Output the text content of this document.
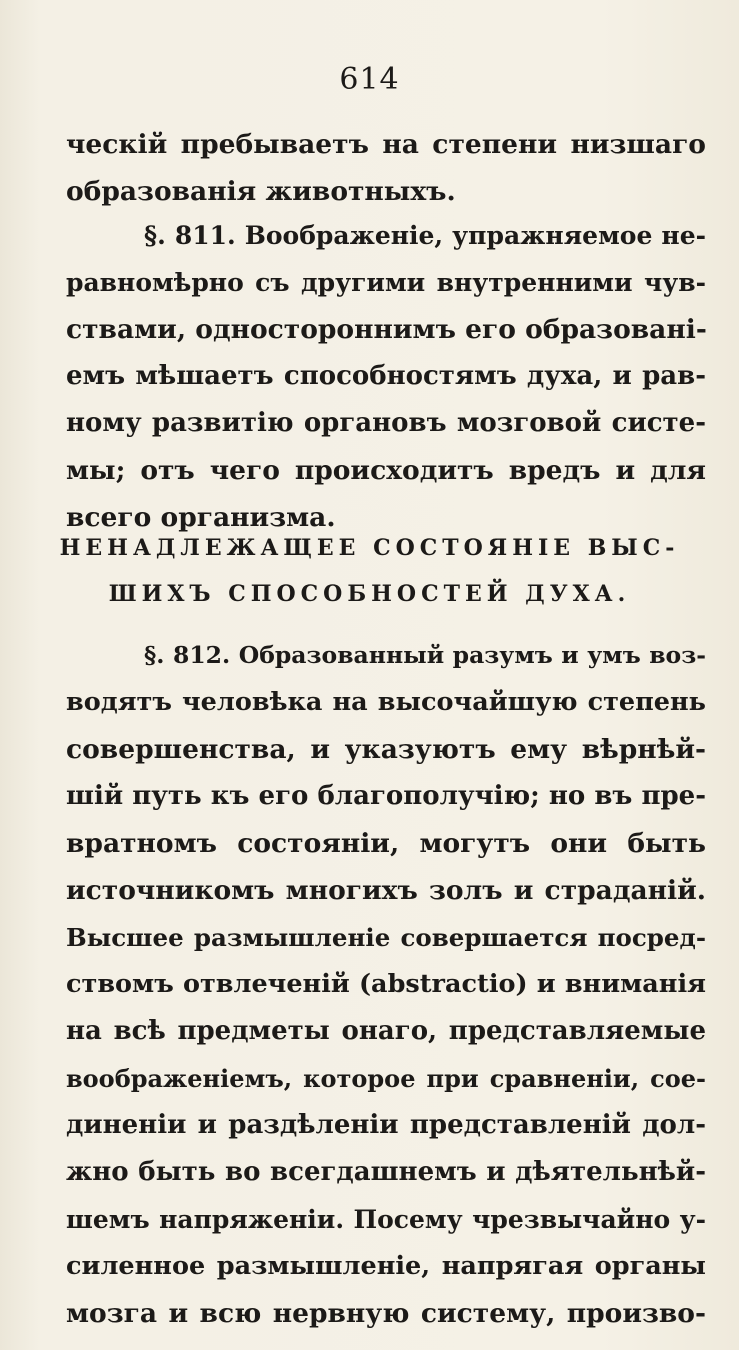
614
ческій пребываетъ на степени низшаго
образованія животныхъ.
§. 811. Воображеніе, упражняемое не-
равномѣрно съ другими внутренними чув-
ствами, одностороннимъ его образовані-
емъ мѣшаетъ способностямъ духа, и рав-
ному развитію органовъ мозговой систе-
мы; отъ чего происходитъ вредъ и для
всего организма.
НЕНАДЛЕЖАЩЕЕ СОСТОЯНІЕ ВЫС-
ШИХЪ СПОСОБНОСТЕЙ ДУХА.
§. 812. Образованный разумъ и умъ воз-
водятъ человѣка на высочайшую степень
совершенства, и указуютъ ему вѣрнѣй-
шій путь къ его благополучію; но въ пре-
вратномъ состояніи, могутъ они быть
источникомъ многихъ золъ и страданій.
Высшее размышленіе совершается посред-
ствомъ отвлеченій (abstractio) и вниманія
на всѣ предметы онаго, представляемые
воображеніемъ, которое при сравненіи, сое-
диненіи и раздѣленіи представленій дол-
жно быть во всегдашнемъ и дѣятельнѣй-
шемъ напряженіи. Посему чрезвычайно у-
силенное размышленіе, напрягая органы
мозга и всю нервную систему, произво-
